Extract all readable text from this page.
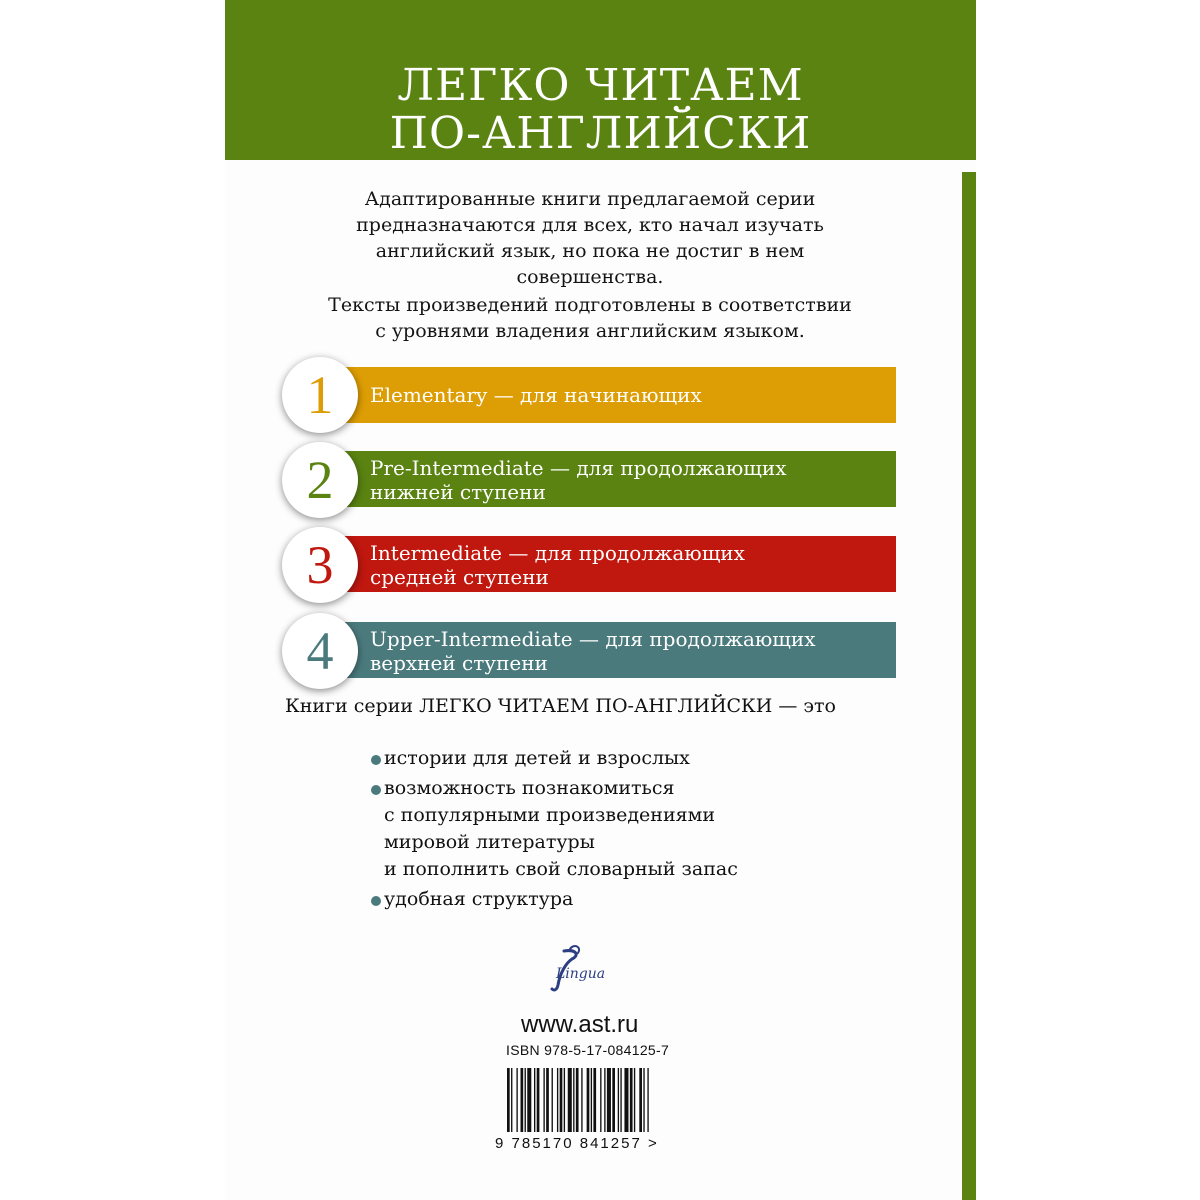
ЛЕГКО ЧИТАЕМ
ПО-АНГЛИЙСКИ
Адаптированные книги предлагаемой серии
предназначаются для всех, кто начал изучать
английский язык, но пока не достиг в нем
совершенства.
Тексты произведений подготовлены в соответствии
с уровнями владения английским языком.
Elementary — для начинающих
1
Pre-Intermediate — для продолжающих
нижней ступени
2
Intermediate — для продолжающих
средней ступени
3
Upper-Intermediate — для продолжающих
верхней ступени
4
Книги серии ЛЕГКО ЧИТАЕМ ПО-АНГЛИЙСКИ — это
истории для детей и взрослых
возможность познакомиться
с популярными произведениями
мировой литературы
и пополнить свой словарный запас
удобная структура
Lingua
www.ast.ru
ISBN 978-5-17-084125-7
9 785170 841257 >
